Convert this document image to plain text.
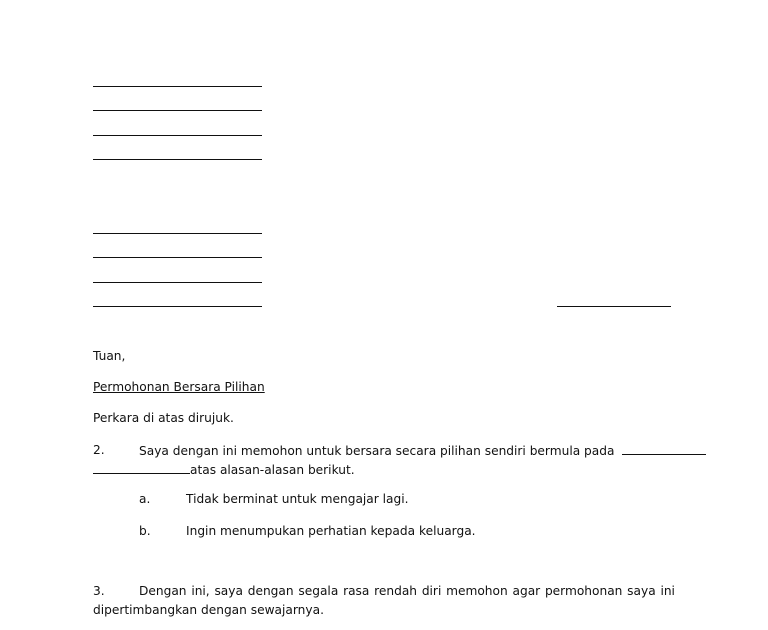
Tuan,
Permohonan Bersara Pilihan
Perkara di atas dirujuk.
2.	Saya dengan ini memohon untuk bersara secara pilihan sendiri bermula pada
atas alasan-alasan berikut.
a.	Tidak berminat untuk mengajar lagi.
b.	Ingin menumpukan perhatian kepada keluarga.
3.	Dengan ini, saya dengan segala rasa rendah diri memohon agar permohonan saya ini
dipertimbangkan dengan sewajarnya.
